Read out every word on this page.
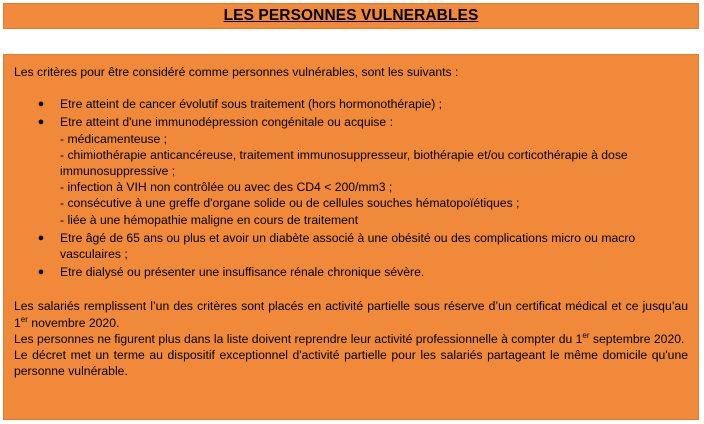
LES PERSONNES VULNERABLES

Les critères pour être considéré comme personnes vulnérables, sont les suivants :

● Etre atteint de cancer évolutif sous traitement (hors hormonothérapie) ;
● Etre atteint d'une immunodépression congénitale ou acquise :
- médicamenteuse ;
- chimiothérapie anticancéreuse, traitement immunosuppresseur, biothérapie et/ou corticothérapie à dose immunosuppressive ;
- infection à VIH non contrôlée ou avec des CD4 < 200/mm3 ;
- consécutive à une greffe d'organe solide ou de cellules souches hématopoïétiques ;
- liée à une hémopathie maligne en cours de traitement
● Etre âgé de 65 ans ou plus et avoir un diabète associé à une obésité ou des complications micro ou macro vasculaires ;
● Etre dialysé ou présenter une insuffisance rénale chronique sévère.

Les salariés remplissent l’un des critères sont placés en activité partielle sous réserve d’un certificat médical et ce jusqu’au 1er novembre 2020.

Les personnes ne figurent plus dans la liste doivent reprendre leur activité professionnelle à compter du 1er septembre 2020.

Le décret met un terme au dispositif exceptionnel d'activité partielle pour les salariés partageant le même domicile qu'une personne vulnérable.
